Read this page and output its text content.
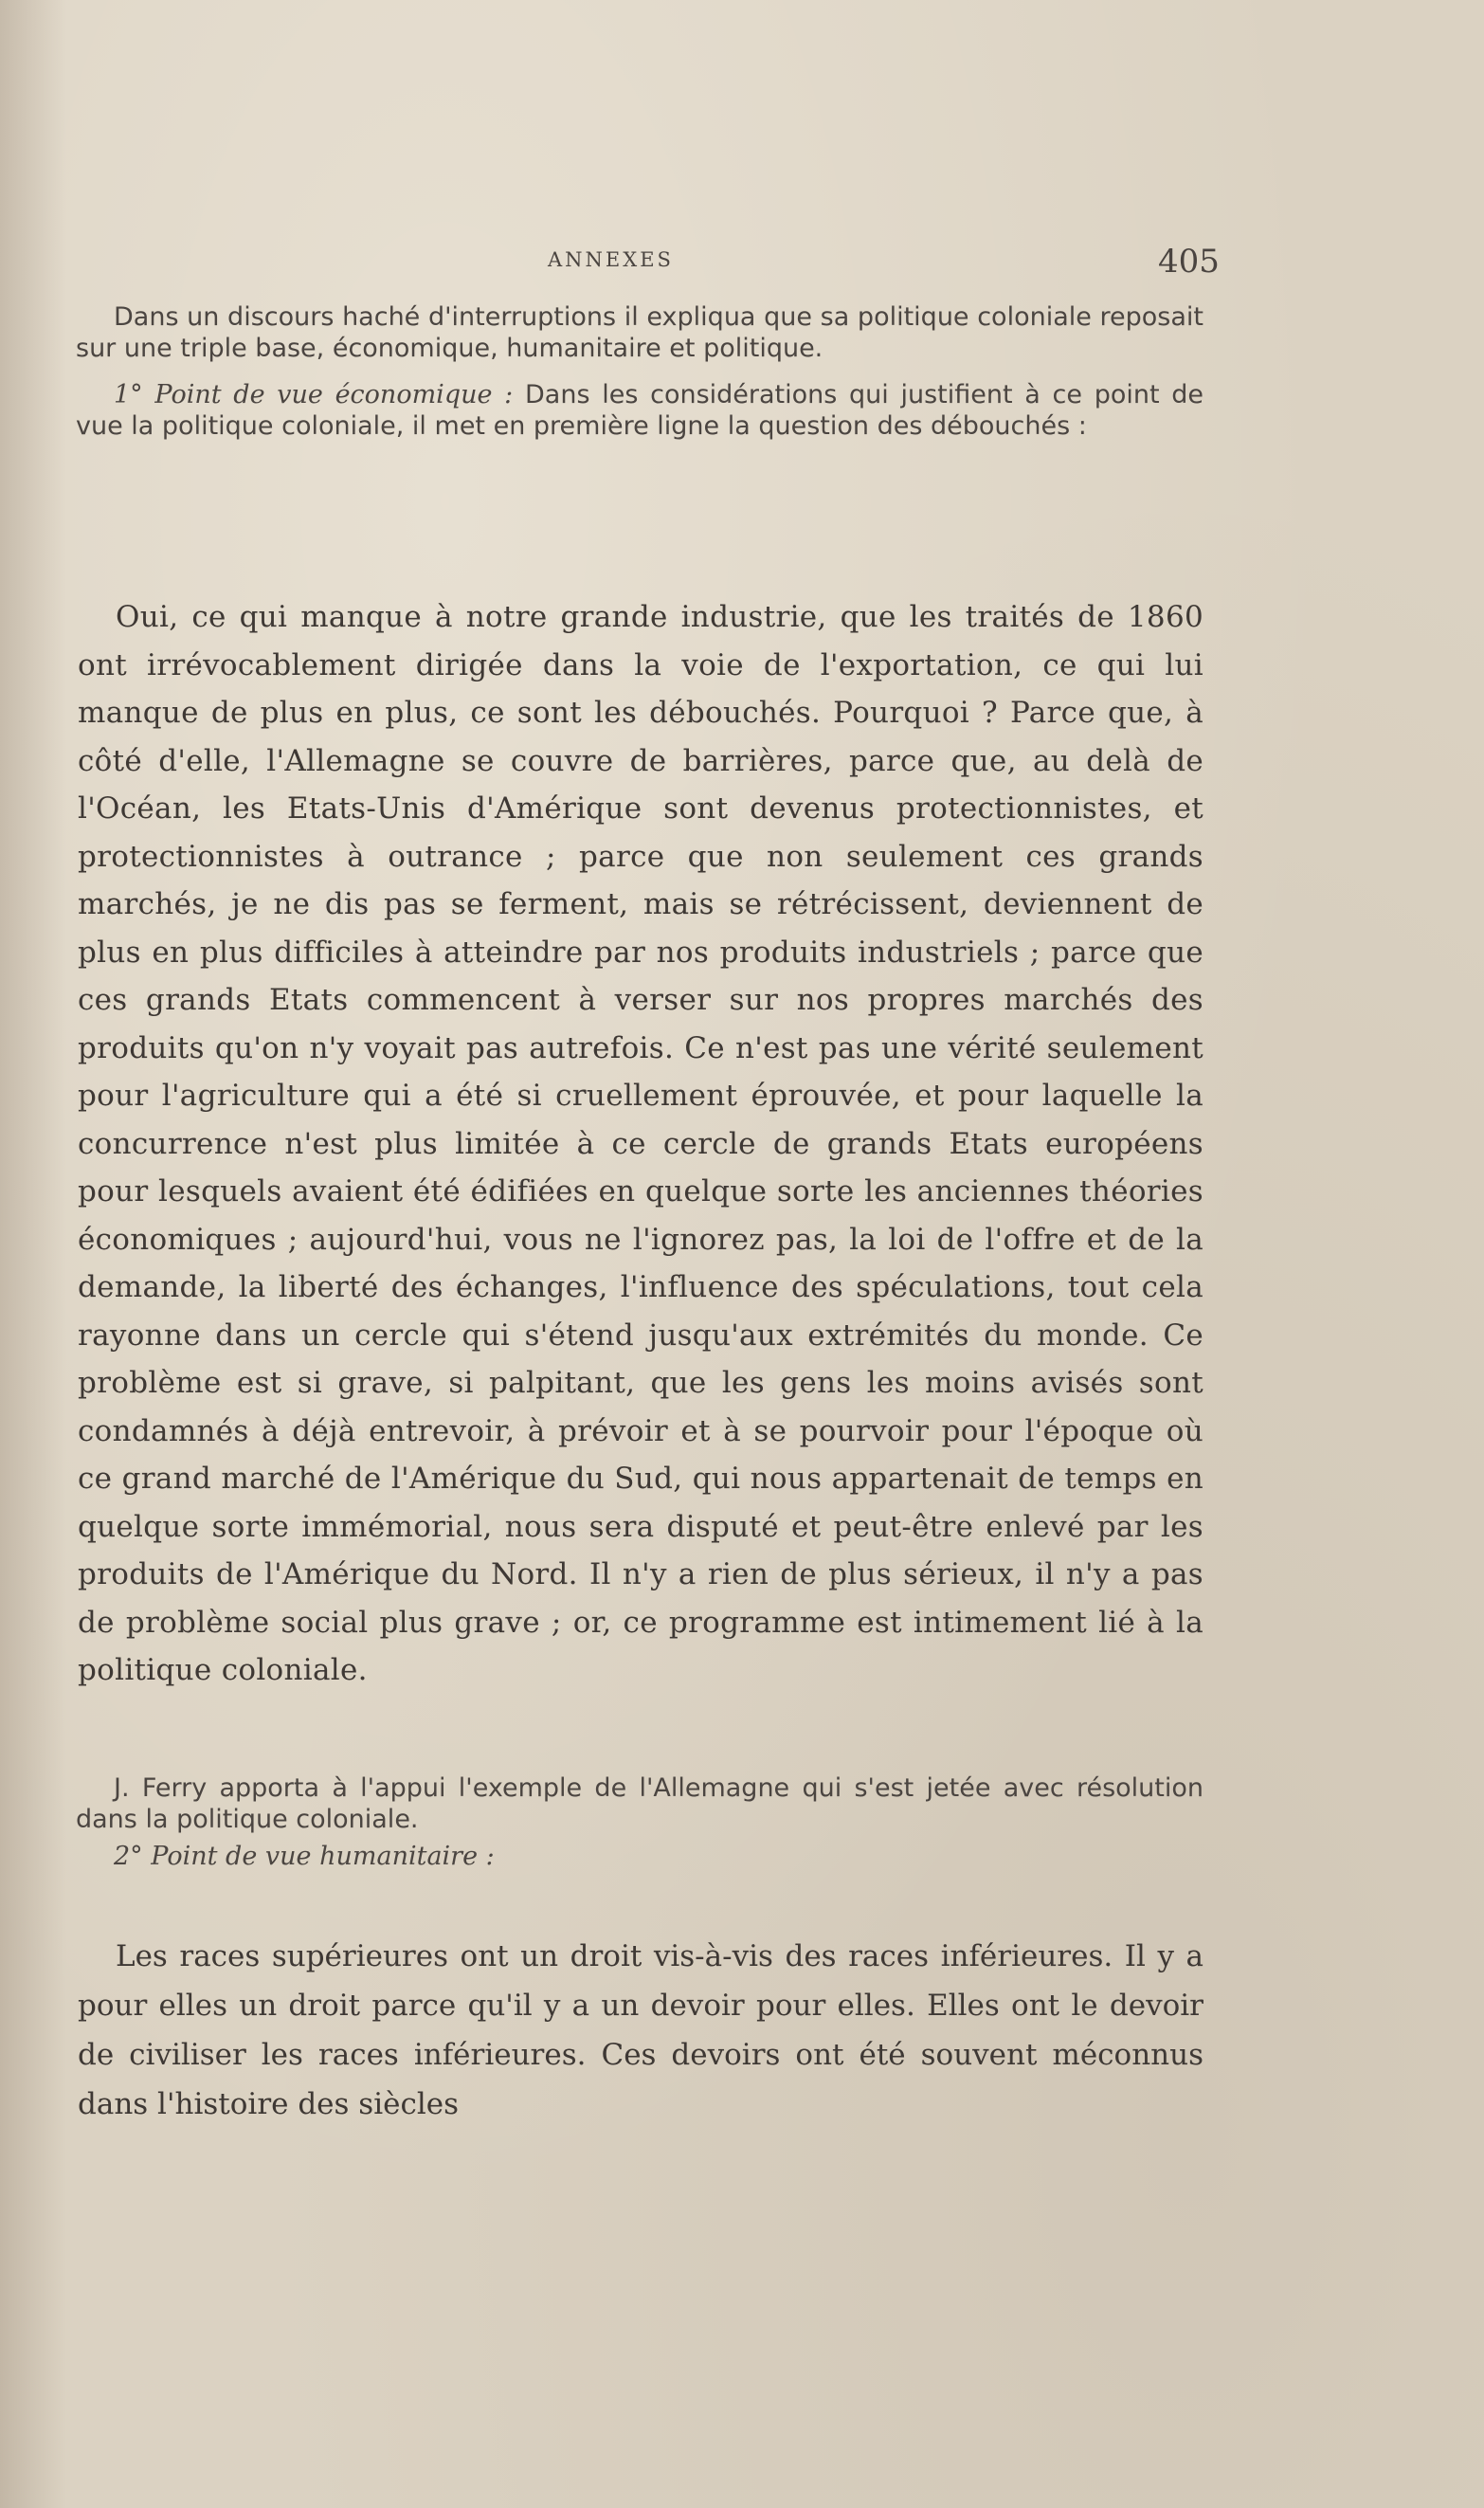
ANNEXES	405

Dans un discours haché d'interruptions il expliqua que sa politique coloniale reposait sur une triple base, économique, humanitaire et politique.

1° Point de vue économique : Dans les considérations qui justifient à ce point de vue la politique coloniale, il met en première ligne la question des débouchés :

Oui, ce qui manque à notre grande industrie, que les traités de 1860 ont irrévocablement dirigée dans la voie de l'exportation, ce qui lui manque de plus en plus, ce sont les débouchés. Pourquoi ? Parce que, à côté d'elle, l'Allemagne se couvre de barrières, parce que, au delà de l'Océan, les Etats-Unis d'Amérique sont devenus protectionnistes, et protectionnistes à outrance ; parce que non seulement ces grands marchés, je ne dis pas se ferment, mais se rétrécissent, deviennent de plus en plus difficiles à atteindre par nos produits industriels ; parce que ces grands Etats commencent à verser sur nos propres marchés des produits qu'on n'y voyait pas autrefois. Ce n'est pas une vérité seulement pour l'agriculture qui a été si cruellement éprouvée, et pour laquelle la concurrence n'est plus limitée à ce cercle de grands Etats européens pour lesquels avaient été édifiées en quelque sorte les anciennes théories économiques ; aujourd'hui, vous ne l'ignorez pas, la loi de l'offre et de la demande, la liberté des échanges, l'influence des spéculations, tout cela rayonne dans un cercle qui s'étend jusqu'aux extrémités du monde. Ce problème est si grave, si palpitant, que les gens les moins avisés sont condamnés à déjà entrevoir, à prévoir et à se pourvoir pour l'époque où ce grand marché de l'Amérique du Sud, qui nous appartenait de temps en quelque sorte immémorial, nous sera disputé et peut-être enlevé par les produits de l'Amérique du Nord. Il n'y a rien de plus sérieux, il n'y a pas de problème social plus grave ; or, ce programme est intimement lié à la politique coloniale.

J. Ferry apporta à l'appui l'exemple de l'Allemagne qui s'est jetée avec résolution dans la politique coloniale.

2° Point de vue humanitaire :

Les races supérieures ont un droit vis-à-vis des races inférieures. Il y a pour elles un droit parce qu'il y a un devoir pour elles. Elles ont le devoir de civiliser les races inférieures. Ces devoirs ont été souvent méconnus dans l'histoire des siècles
